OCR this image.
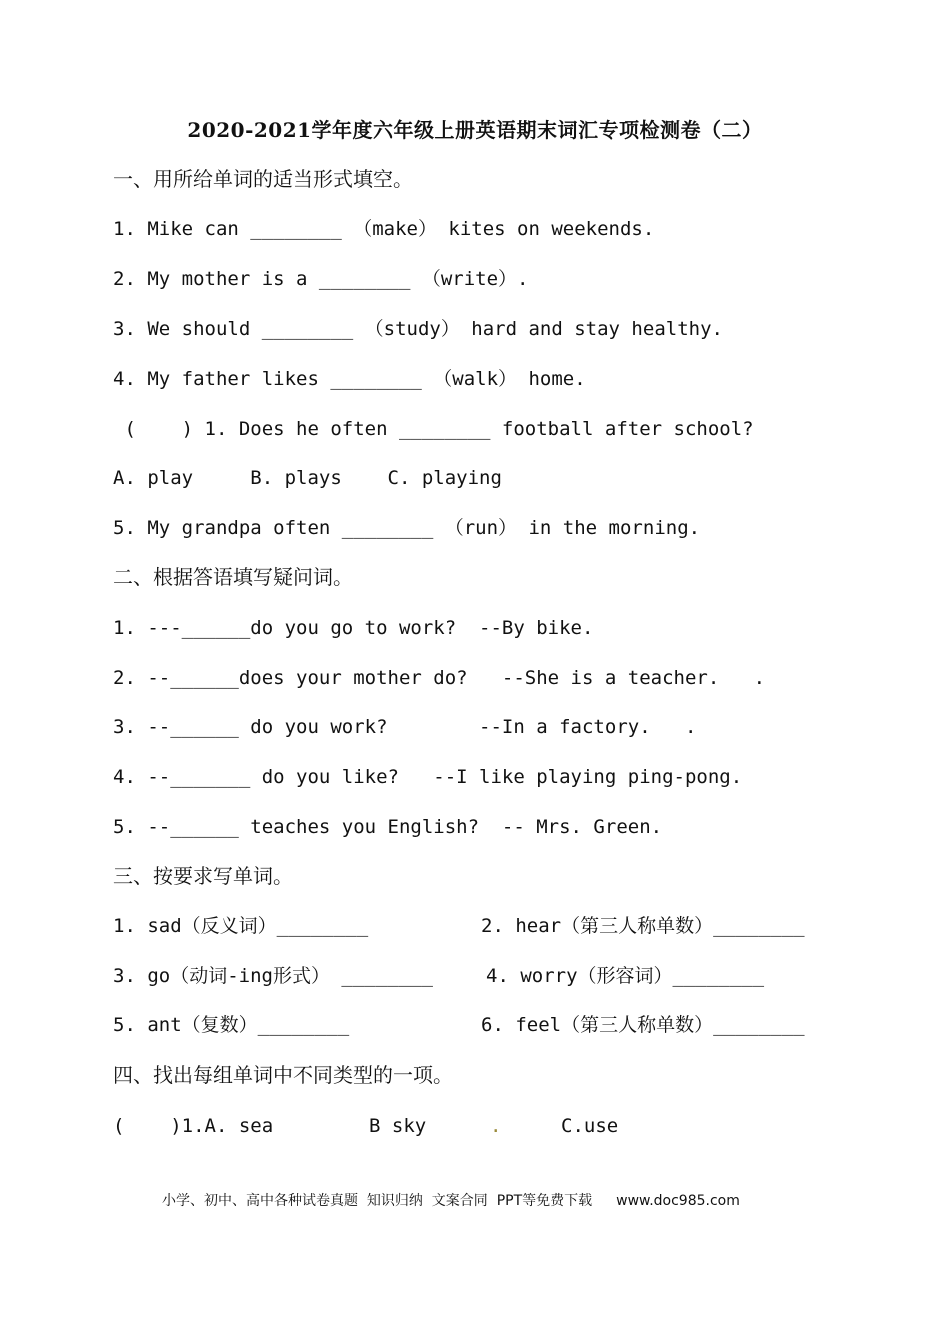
2020-2021学年度六年级上册英语期末词汇专项检测卷（二）
一、用所给单词的适当形式填空。
1. Mike can ________ （make） kites on weekends.
2. My mother is a ________ （write）.
3. We should ________ （study） hard and stay healthy.
4. My father likes ________ （walk） home.
(    ) 1. Does he often ________ football after school?
A. play     B. plays    C. playing
5. My grandpa often ________ （run） in the morning.
二、根据答语填写疑问词。
1. ---______do you go to work?  --By bike.
2. --______does your mother do?   --She is a teacher.   .
3. --______ do you work?        --In a factory.   .
4. --_______ do you like?   --I like playing ping-pong.
5. --______ teaches you English?  -- Mrs. Green.
三、按要求写单词。
1. sad（反义词）________	2. hear（第三人称单数）________
3. go（动词-ing形式） ________	4. worry（形容词）________
5. ant（复数）________	6. feel（第三人称单数）________
四、找出每组单词中不同类型的一项。
(    )1.A. sea	B sky	.	C.use
小学、初中、高中各种试卷真题  知识归纳  文案合同  PPT等免费下载 www.doc985.com
